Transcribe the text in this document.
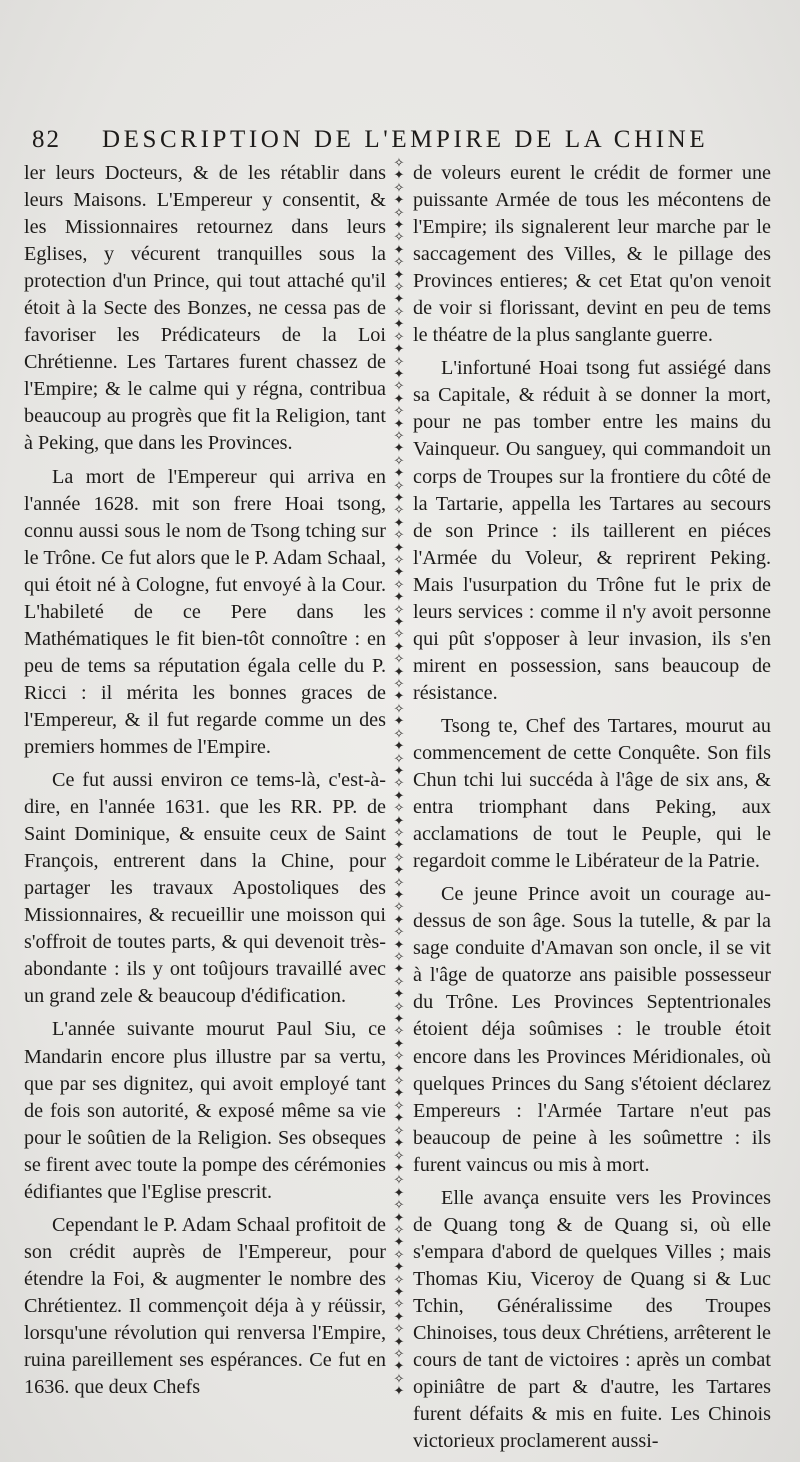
82 DESCRIPTION DE L'EMPIRE DE LA CHINE

ler leurs Docteurs, & de les rétablir dans leurs Maisons. L'Empereur y consentit, & les Missionnaires retournez dans leurs Eglises, y vécurent tranquilles sous la protection d'un Prince, qui tout attaché qu'il étoit à la Secte des Bonzes, ne cessa pas de favoriser les Prédicateurs de la Loi Chrétienne. Les Tartares furent chassez de l'Empire; & le calme qui y régna, contribua beaucoup au progrès que fit la Religion, tant à Peking, que dans les Provinces.

La mort de l'Empereur qui arriva en l'année 1628. mit son frere Hoai tsong, connu aussi sous le nom de Tsong tching sur le Trône. Ce fut alors que le P. Adam Schaal, qui étoit né à Cologne, fut envoyé à la Cour. L'habileté de ce Pere dans les Mathématiques le fit bien-tôt connoître : en peu de tems sa réputation égala celle du P. Ricci : il mérita les bonnes graces de l'Empereur, & il fut regarde comme un des premiers hommes de l'Empire.

Ce fut aussi environ ce tems-là, c'est-à-dire, en l'année 1631. que les RR. PP. de Saint Dominique, & ensuite ceux de Saint François, entrerent dans la Chine, pour partager les travaux Apostoliques des Missionnaires, & recueillir une moisson qui s'offroit de toutes parts, & qui devenoit très-abondante : ils y ont toûjours travaillé avec un grand zele & beaucoup d'édification.

L'année suivante mourut Paul Siu, ce Mandarin encore plus illustre par sa vertu, que par ses dignitez, qui avoit employé tant de fois son autorité, & exposé même sa vie pour le soûtien de la Religion. Ses obseques se firent avec toute la pompe des cérémonies édifiantes que l'Eglise prescrit.

Cependant le P. Adam Schaal profitoit de son crédit auprès de l'Empereur, pour étendre la Foi, & augmenter le nombre des Chrétientez. Il commençoit déja à y réüssir, lorsqu'une révolution qui renversa l'Empire, ruina pareillement ses espérances. Ce fut en 1636. que deux Chefs

✧
✦
✧
✦
✧
✦
✧
✦
✧
✦
✧
✦
✧
✦
✧
✦
✧
✦
✧
✦
✧
✦
✧
✦
✧
✦
✧
✦
✧
✦
✧
✦
✧
✦
✧
✦
✧
✦
✧
✦
✧
✦
✧
✦
✧
✦
✧
✦
✧
✦
✧
✦
✧
✦
✧
✦
✧
✦
✧
✦
✧
✦
✧
✦
✧
✦
✧
✦
✧
✦
✧
✦
✧
✦
✧
✦
✧
✦
✧
✦
✧
✦
✧
✦
✧
✦
✧
✦
✧
✦
✧
✦
✧
✦
✧
✦
✧
✦
✧
✦

de voleurs eurent le crédit de former une puissante Armée de tous les mécontens de l'Empire; ils signalerent leur marche par le saccagement des Villes, & le pillage des Provinces entieres; & cet Etat qu'on venoit de voir si florissant, devint en peu de tems le théatre de la plus sanglante guerre.

L'infortuné Hoai tsong fut assiégé dans sa Capitale, & réduit à se donner la mort, pour ne pas tomber entre les mains du Vainqueur. Ou sanguey, qui commandoit un corps de Troupes sur la frontiere du côté de la Tartarie, appella les Tartares au secours de son Prince : ils taillerent en piéces l'Armée du Voleur, & reprirent Peking. Mais l'usurpation du Trône fut le prix de leurs services : comme il n'y avoit personne qui pût s'opposer à leur invasion, ils s'en mirent en possession, sans beaucoup de résistance.

Tsong te, Chef des Tartares, mourut au commencement de cette Conquête. Son fils Chun tchi lui succéda à l'âge de six ans, & entra triomphant dans Peking, aux acclamations de tout le Peuple, qui le regardoit comme le Libérateur de la Patrie.

Ce jeune Prince avoit un courage au-dessus de son âge. Sous la tutelle, & par la sage conduite d'Amavan son oncle, il se vit à l'âge de quatorze ans paisible possesseur du Trône. Les Provinces Septentrionales étoient déja soûmises : le trouble étoit encore dans les Provinces Méridionales, où quelques Princes du Sang s'étoient déclarez Empereurs : l'Armée Tartare n'eut pas beaucoup de peine à les soûmettre : ils furent vaincus ou mis à mort.

Elle avança ensuite vers les Provinces de Quang tong & de Quang si, où elle s'empara d'abord de quelques Villes ; mais Thomas Kiu, Viceroy de Quang si & Luc Tchin, Généralissime des Troupes Chinoises, tous deux Chrétiens, arrêterent le cours de tant de victoires : après un combat opiniâtre de part & d'autre, les Tartares furent défaits & mis en fuite. Les Chinois victorieux proclamerent aussi-
